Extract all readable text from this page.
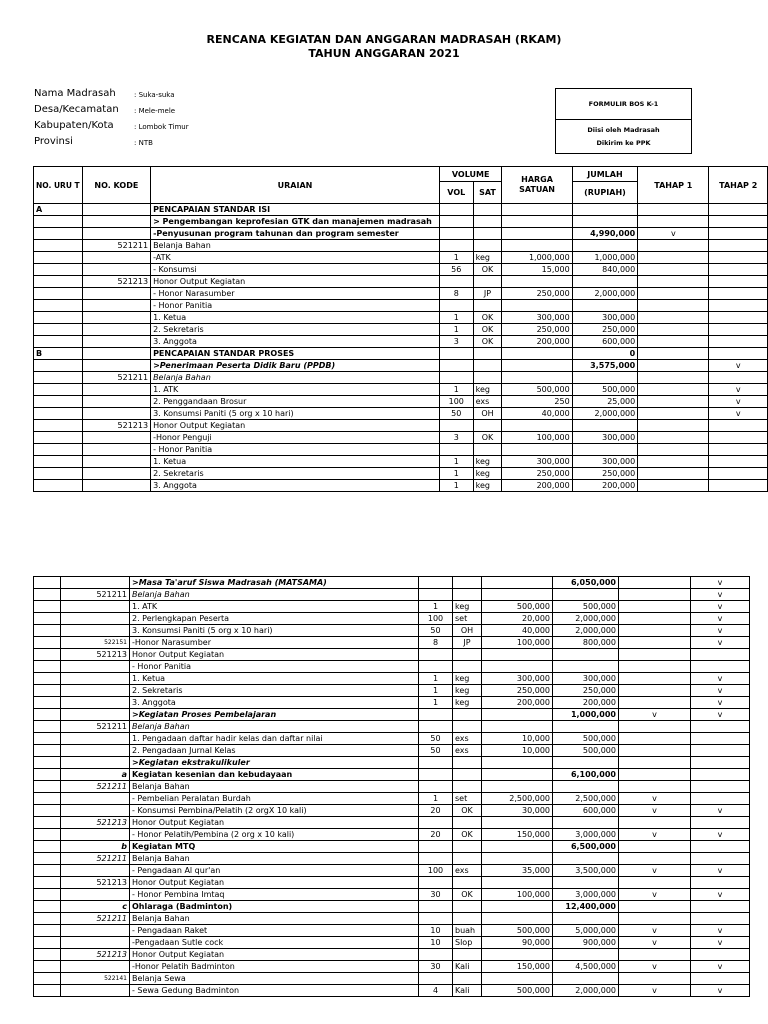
RENCANA KEGIATAN DAN ANGGARAN MADRASAH (RKAM)
TAHUN ANGGARAN 2021
Nama Madrasah	: Suka-suka
Desa/Kecamatan	: Mele-mele
Kabupaten/Kota	: Lombok Timur
Provinsi	: NTB
FORMULIR BOS K-1
Diisi oleh Madrasah
Dikirim ke PPK
NO. URU T	NO. KODE	URAIAN	VOLUME		HARGA SATUAN	JUMLAH	TAHAP 1	TAHAP 2
			VOL	SAT		(RUPIAH)		
A		PENCAPAIAN STANDAR ISI						
		> Pengembangan keprofesian GTK dan manajemen madrasah						
		-Penyusunan program tahunan dan program semester				4,990,000	v	
	521211	Belanja Bahan						
		-ATK	1	keg	1,000,000	1,000,000		
		- Konsumsi	56	OK	15,000	840,000		
	521213	Honor Output Kegiatan						
		- Honor Narasumber	8	JP	250,000	2,000,000		
		- Honor Panitia						
		1. Ketua	1	OK	300,000	300,000		
		2. Sekretaris	1	OK	250,000	250,000		
		3. Anggota	3	OK	200,000	600,000		
B		PENCAPAIAN STANDAR PROSES				0		
		>Penerimaan Peserta Didik Baru (PPDB)				3,575,000		v
	521211	Belanja Bahan						
		1. ATK	1	keg	500,000	500,000		v
		2. Penggandaan Brosur	100	exs	250	25,000		v
		3. Konsumsi Paniti (5 org x 10 hari)	50	OH	40,000	2,000,000		v
	521213	Honor Output Kegiatan						
		-Honor Penguji	3	OK	100,000	300,000		
		- Honor Panitia						
		1. Ketua	1	keg	300,000	300,000		
		2. Sekretaris	1	keg	250,000	250,000		
		3. Anggota	1	keg	200,000	200,000		
		>Masa Ta'aruf Siswa Madrasah (MATSAMA)				6,050,000		v
	521211	Belanja Bahan						v
		1. ATK	1	keg	500,000	500,000		v
		2. Perlengkapan Peserta	100	set	20,000	2,000,000		v
		3. Konsumsi Paniti (5 org x 10 hari)	50	OH	40,000	2,000,000		v
	522151	-Honor Narasumber	8	JP	100,000	800,000		v
	521213	Honor Output Kegiatan						
		- Honor Panitia						
		1. Ketua	1	keg	300,000	300,000		v
		2. Sekretaris	1	keg	250,000	250,000		v
		3. Anggota	1	keg	200,000	200,000		v
		>Kegiatan Proses Pembelajaran				1,000,000	v	v
	521211	Belanja Bahan						
		1. Pengadaan daftar hadir kelas dan daftar nilai	50	exs	10,000	500,000		
		2. Pengadaan Jurnal Kelas	50	exs	10,000	500,000		
		>Kegiatan ekstrakulikuler						
	a	Kegiatan kesenian dan kebudayaan				6,100,000		
	521211	Belanja Bahan						
		- Pembelian Peralatan Burdah	1	set	2,500,000	2,500,000	v	
		- Konsumsi Pembina/Pelatih (2 orgX 10 kali)	20	OK	30,000	600,000	v	v
	521213	Honor Output Kegiatan						
		- Honor Pelatih/Pembina (2 org x 10 kali)	20	OK	150,000	3,000,000	v	v
	b	Kegiatan MTQ				6,500,000		
	521211	Belanja Bahan						
		- Pengadaan Al qur'an	100	exs	35,000	3,500,000	v	v
	521213	Honor Output Kegiatan						
		- Honor Pembina Imtaq	30	OK	100,000	3,000,000	v	v
	c	Ohlaraga (Badminton)				12,400,000		
	521211	Belanja Bahan						
		- Pengadaan Raket	10	buah	500,000	5,000,000	v	v
		-Pengadaan Sutle cock	10	Slop	90,000	900,000	v	v
	521213	Honor Output Kegiatan						
		-Honor Pelatih Badminton	30	Kali	150,000	4,500,000	v	v
	522141	Belanja Sewa						
		- Sewa Gedung Badminton	4	Kali	500,000	2,000,000	v	v
